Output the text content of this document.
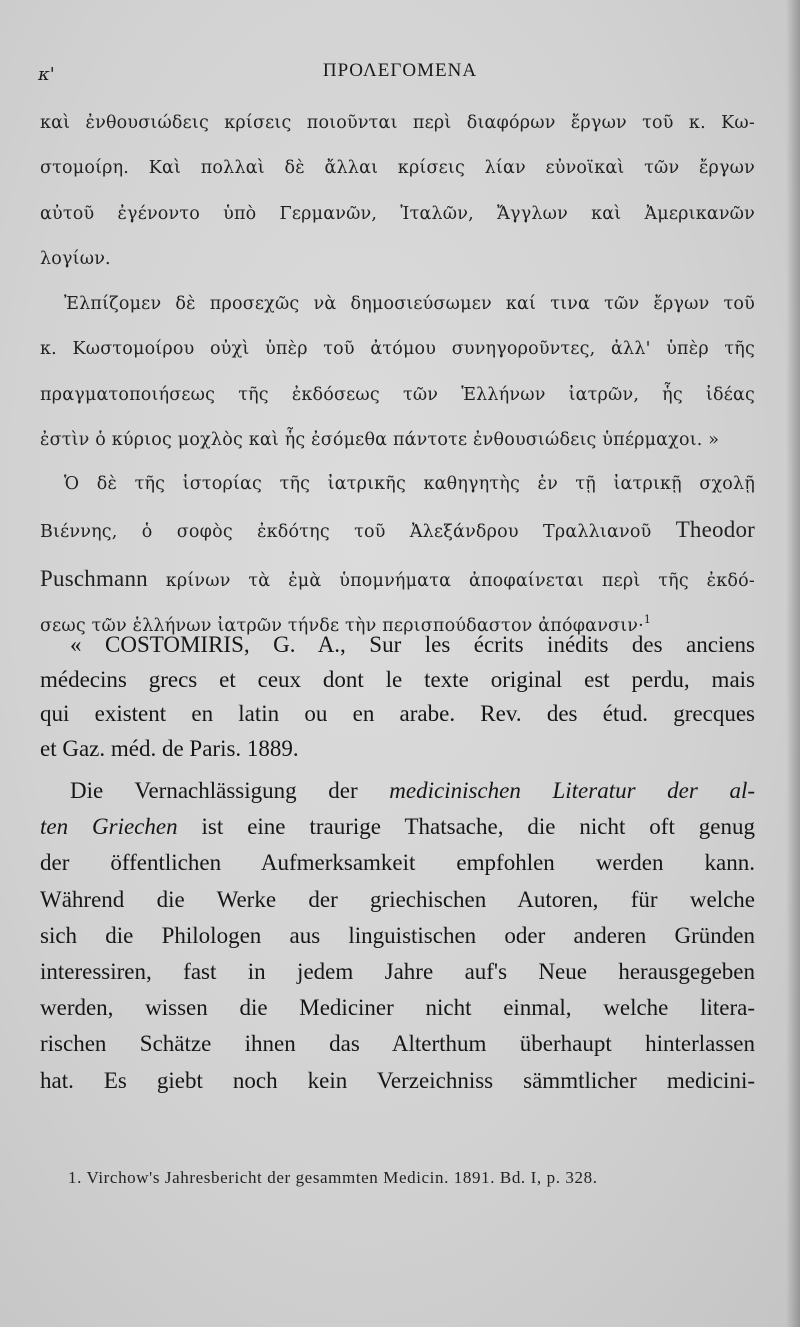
κ'	ΠΡΟΛΕΓΟΜΕΝΑ
καὶ ἐνθουσιώδεις κρίσεις ποιοῦνται περὶ διαφόρων ἔργων τοῦ κ. Κω-
στομοίρη. Καὶ πολλαὶ δὲ ἄλλαι κρίσεις λίαν εὐνοϊκαὶ τῶν ἔργων
αὐτοῦ ἐγένοντο ὑπὸ Γερμανῶν, Ἰταλῶν, Ἄγγλων καὶ Ἀμερικανῶν
λογίων.
Ἐλπίζομεν δὲ προσεχῶς νὰ δημοσιεύσωμεν καί τινα τῶν ἔργων τοῦ
κ. Κωστομοίρου οὐχὶ ὑπὲρ τοῦ ἀτόμου συνηγοροῦντες, ἀλλ' ὑπὲρ τῆς
πραγματοποιήσεως τῆς ἐκδόσεως τῶν Ἑλλήνων ἰατρῶν, ἧς ἰδέας
ἐστὶν ὁ κύριος μοχλὸς καὶ ἧς ἐσόμεθα πάντοτε ἐνθουσιώδεις ὑπέρμαχοι. »
Ὁ δὲ τῆς ἱστορίας τῆς ἰατρικῆς καθηγητὴς ἐν τῇ ἰατρικῇ σχολῇ
Βιέννης, ὁ σοφὸς ἐκδότης τοῦ Ἀλεξάνδρου Τραλλιανοῦ Theodor
Puschmann κρίνων τὰ ἐμὰ ὑπομνήματα ἀποφαίνεται περὶ τῆς ἐκδό-
σεως τῶν ἑλλήνων ἰατρῶν τήνδε τὴν περισπούδαστον ἀπόφανσιν·$^1$
« COSTOMIRIS, G. A., Sur les écrits inédits des anciens
médecins grecs et ceux dont le texte original est perdu, mais
qui existent en latin ou en arabe. Rev. des étud. grecques
et Gaz. méd. de Paris. 1889.
Die Vernachlässigung der medicinischen Literatur der al-
ten Griechen ist eine traurige Thatsache, die nicht oft genug
der öffentlichen Aufmerksamkeit empfohlen werden kann.
Während die Werke der griechischen Autoren, für welche
sich die Philologen aus linguistischen oder anderen Gründen
interessiren, fast in jedem Jahre auf's Neue herausgegeben
werden, wissen die Mediciner nicht einmal, welche litera-
rischen Schätze ihnen das Alterthum überhaupt hinterlassen
hat. Es giebt noch kein Verzeichniss sämmtlicher medicini-
1. Virchow's Jahresbericht der gesammten Medicin. 1891. Bd. I, p. 328.
